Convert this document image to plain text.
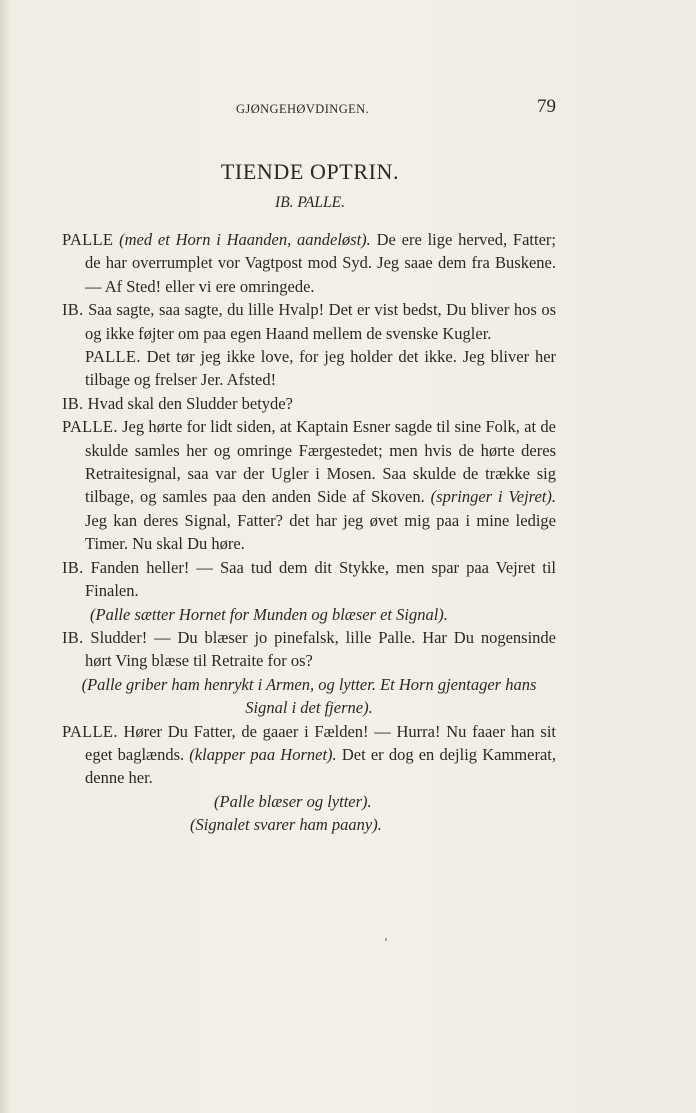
GJØNGEHØVDINGEN.	79
TIENDE OPTRIN.
IB. PALLE.

PALLE (med et Horn i Haanden, aandeløst). De ere lige herved, Fatter; de har overrumplet vor Vagtpost mod Syd. Jeg saae dem fra Buskene. — Af Sted! eller vi ere omringede.

IB. Saa sagte, saa sagte, du lille Hvalp! Det er vist bedst, Du bliver hos os og ikke føjter om paa egen Haand mellem de svenske Kugler.

PALLE. Det tør jeg ikke love, for jeg holder det ikke. Jeg bliver her tilbage og frelser Jer. Afsted!

IB. Hvad skal den Sludder betyde?

PALLE. Jeg hørte for lidt siden, at Kaptain Esner sagde til sine Folk, at de skulde samles her og omringe Færgestedet; men hvis de hørte deres Retraitesignal, saa var der Ugler i Mosen. Saa skulde de trække sig tilbage, og samles paa den anden Side af Skoven. (springer i Vejret). Jeg kan deres Signal, Fatter? det har jeg øvet mig paa i mine ledige Timer. Nu skal Du høre.

IB. Fanden heller! — Saa tud dem dit Stykke, men spar paa Vejret til Finalen.

(Palle sætter Hornet for Munden og blæser et Signal).

IB. Sludder! — Du blæser jo pinefalsk, lille Palle. Har Du nogensinde hørt Ving blæse til Retraite for os?

(Palle griber ham henrykt i Armen, og lytter. Et Horn gjentager hans Signal i det fjerne).

PALLE. Hører Du Fatter, de gaaer i Fælden! — Hurra! Nu faaer han sit eget baglænds. (klapper paa Hornet). Det er dog en dejlig Kammerat, denne her.

(Palle blæser og lytter).

(Signalet svarer ham paany).
